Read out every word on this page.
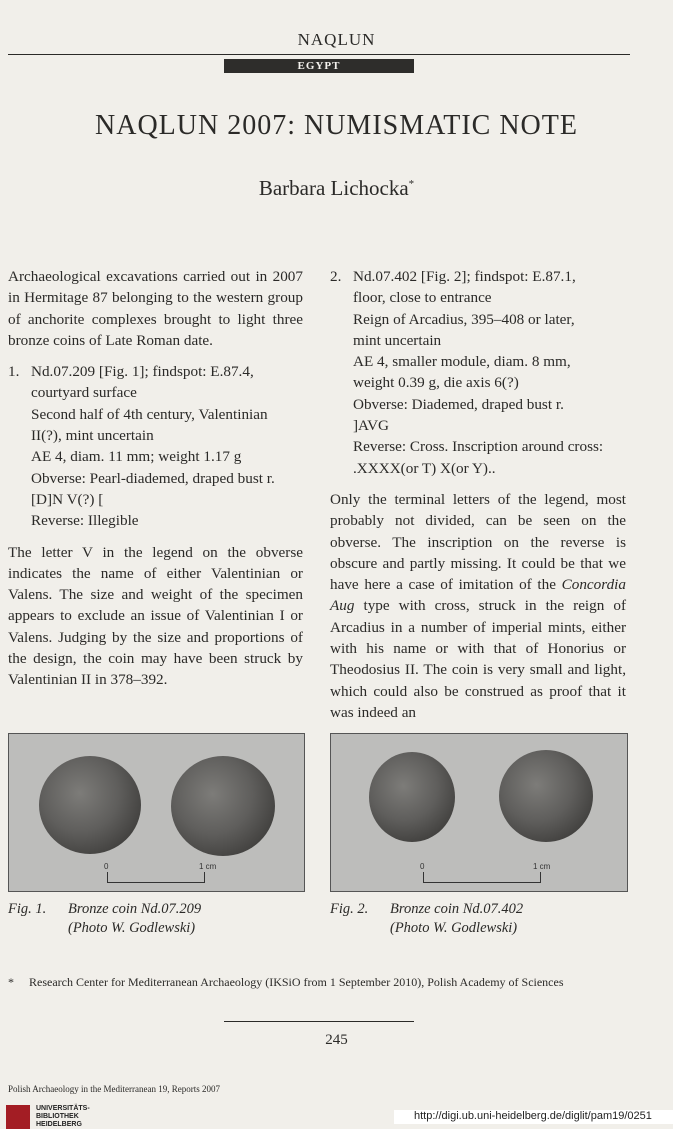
NAQLUN
EGYPT
NAQLUN 2007: NUMISMATIC NOTE
Barbara Lichocka*

Archaeological excavations carried out in 2007 in Hermitage 87 belonging to the western group of anchorite complexes brought to light three bronze coins of Late Roman date.

1. Nd.07.209 [Fig. 1]; findspot: E.87.4,
courtyard surface
Second half of 4th century, Valentinian
II(?), mint uncertain
AE 4, diam. 11 mm; weight 1.17 g
Obverse: Pearl-diademed, draped bust r.
[D]N V(?) [
Reverse: Illegible

The letter V in the legend on the obverse indicates the name of either Valentinian or Valens. The size and weight of the specimen appears to exclude an issue of Valentinian I or Valens. Judging by the size and proportions of the design, the coin may have been struck by Valentinian II in 378–392.

2. Nd.07.402 [Fig. 2]; findspot: E.87.1,
floor, close to entrance
Reign of Arcadius, 395–408 or later,
mint uncertain
AE 4, smaller module, diam. 8 mm,
weight 0.39 g, die axis 6(?)
Obverse: Diademed, draped bust r.
]AVG
Reverse: Cross. Inscription around cross:
.XXXX(or T) X(or Y)..

Only the terminal letters of the legend, most probably not divided, can be seen on the obverse. The inscription on the reverse is obscure and partly missing. It could be that we have here a case of imitation of the Concordia Aug type with cross, struck in the reign of Arcadius in a number of imperial mints, either with his name or with that of Honorius or Theodosius II. The coin is very small and light, which could also be construed as proof that it was indeed an

0	1 cm	0	1 cm
Fig. 1. Bronze coin Nd.07.209
(Photo W. Godlewski)
Fig. 2. Bronze coin Nd.07.402
(Photo W. Godlewski)
* Research Center for Mediterranean Archaeology (IKSiO from 1 September 2010), Polish Academy of Sciences
245
Polish Archaeology in the Mediterranean 19, Reports 2007
UNIVERSITÄTS-
BIBLIOTHEK
HEIDELBERG
http://digi.ub.uni-heidelberg.de/diglit/pam19/0251
